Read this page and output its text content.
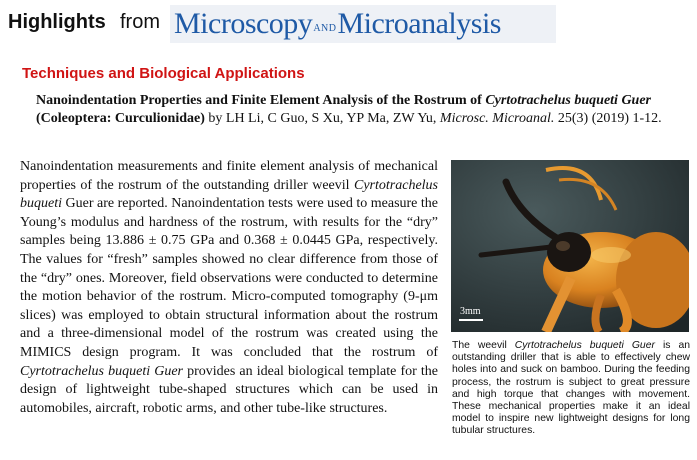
Highlights from MicroscopyANDMicroanalysis
Techniques and Biological Applications
Nanoindentation Properties and Finite Element Analysis of the Rostrum of Cyrtotrachelus buqueti Guer (Coleoptera: Curculionidae) by LH Li, C Guo, S Xu, YP Ma, ZW Yu, Microsc. Microanal. 25(3) (2019) 1-12.
Nanoindentation measurements and finite element analysis of mechanical properties of the rostrum of the outstanding driller weevil Cyrtotrachelus buqueti Guer are reported. Nanoindentation tests were used to measure the Young’s modulus and hardness of the rostrum, with results for the “dry” samples being 13.886 ± 0.75 GPa and 0.368 ± 0.0445 GPa, respectively. The values for “fresh” samples showed no clear difference from those of the “dry” ones. Moreover, field observations were conducted to determine the motion behavior of the rostrum. Micro-computed tomography (9-μm slices) was employed to obtain structural information about the rostrum and a three-dimensional model of the rostrum was created using the MIMICS design program. It was concluded that the rostrum of Cyrtotrachelus buqueti Guer provides an ideal biological template for the design of lightweight tube-shaped structures which can be used in automobiles, aircraft, robotic arms, and other tube-like structures.
3mm
The weevil Cyrtotrachelus buqueti Guer is an outstanding driller that is able to effectively chew holes into and suck on bamboo. During the feeding process, the rostrum is subject to great pressure and high torque that changes with movement. These mechanical properties make it an ideal model to inspire new lightweight designs for long tubular structures.
